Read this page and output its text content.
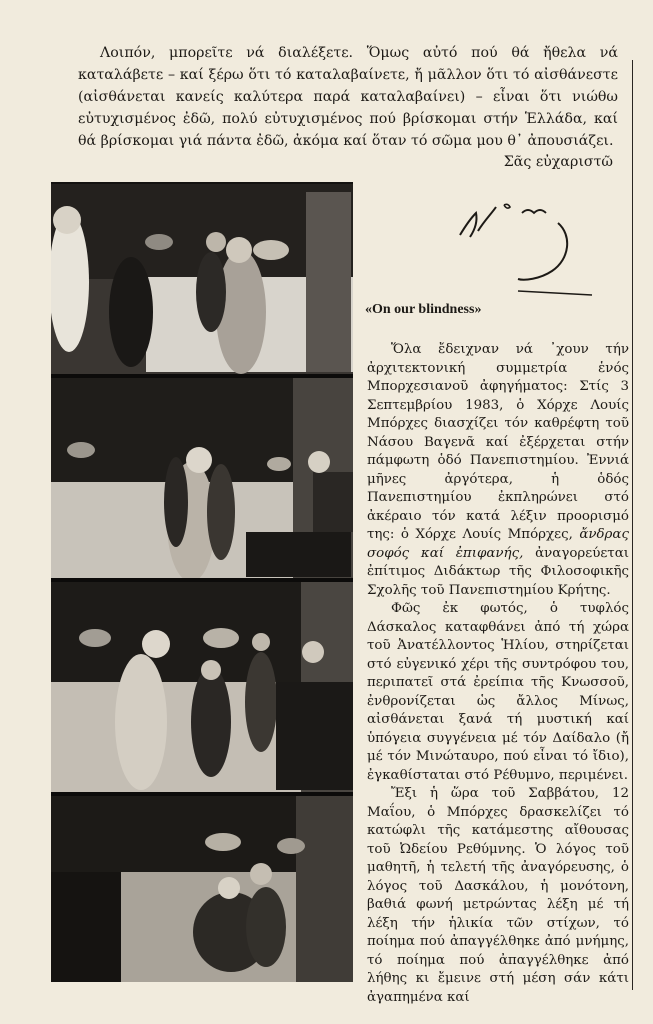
Λοιπόν, μπορεῖτε νά διαλέξετε. Ὅμως αὐτό πού θά ἤθελα νά καταλάβετε – καί ξέρω ὅτι τό καταλαβαίνετε, ἤ μᾶλλον ὅτι τό αἰσθάνεστε (αἰσθάνεται κανείς καλύτερα παρά καταλαβαίνει) – εἶναι ὅτι νιώθω εὐτυχισμένος ἐδῶ, πολύ εὐτυχισμένος πού βρίσκομαι στήν Ἑλλάδα, καί θά βρίσκομαι γιά πάντα ἐδῶ, ἀκόμα καί ὅταν τό σῶμα μου θ᾽ ἀπουσιάζει.

Σᾶς εὐχαριστῶ

«On our blindness»

Ὅλα ἔδειχναν νά ᾽χουν τήν ἀρχιτεκτονική συμμετρία ἑνός Μπορχεσιανοῦ ἀφηγήματος: Στίς 3 Σεπτεμβρίου 1983, ὁ Χόρχε Λουίς Μπόρχες διασχίζει τόν καθρέφτη τοῦ Νάσου Βαγενᾶ καί ἐξέρχεται στήν πάμφωτη ὁδό Πανεπιστημίου. Ἐννιά μῆνες ἀργότερα, ἡ ὁδός Πανεπιστημίου ἐκπληρώνει στό ἀκέραιο τόν κατά λέξιν προορισμό της: ὁ Χόρχε Λουίς Μπόρχες, ἄνδρας σοφός καί ἐπιφανής, ἀναγορεύεται ἐπίτιμος Διδάκτωρ τῆς Φιλοσοφικῆς Σχολῆς τοῦ Πανεπιστημίου Κρήτης.

Φῶς ἐκ φωτός, ὁ τυφλός Δάσκαλος καταφθάνει ἀπό τή χώρα τοῦ Ἀνατέλλοντος Ἡλίου, στηρίζεται στό εὐγενικό χέρι τῆς συντρόφου του, περιπατεῖ στά ἐρείπια τῆς Κνωσσοῦ, ἐνθρονίζεται ὡς ἄλλος Μίνως, αἰσθάνεται ξανά τή μυστική καί ὑπόγεια συγγένεια μέ τόν Δαίδαλο (ἤ μέ τόν Μινώταυρο, πού εἶναι τό ἴδιο), ἐγκαθίσταται στό Ρέθυμνο, περιμένει.

Ἔξι ἡ ὥρα τοῦ Σαββάτου, 12 Μαΐου, ὁ Μπόρχες δρασκελίζει τό κατώφλι τῆς κατάμεστης αἴθουσας τοῦ Ὠδείου Ρεθύμνης. Ὁ λόγος τοῦ μαθητῆ, ἡ τελετή τῆς ἀναγόρευσης, ὁ λόγος τοῦ Δασκάλου, ἡ μονότονη, βαθιά φωνή μετρώντας λέξη μέ τή λέξη τήν ἡλικία τῶν στίχων, τό ποίημα πού ἀπαγγέλθηκε ἀπό μνήμης, τό ποίημα πού ἀπαγγέλθηκε ἀπό λήθης κι ἔμεινε στή μέση σάν κάτι ἀγαπημένα καί
